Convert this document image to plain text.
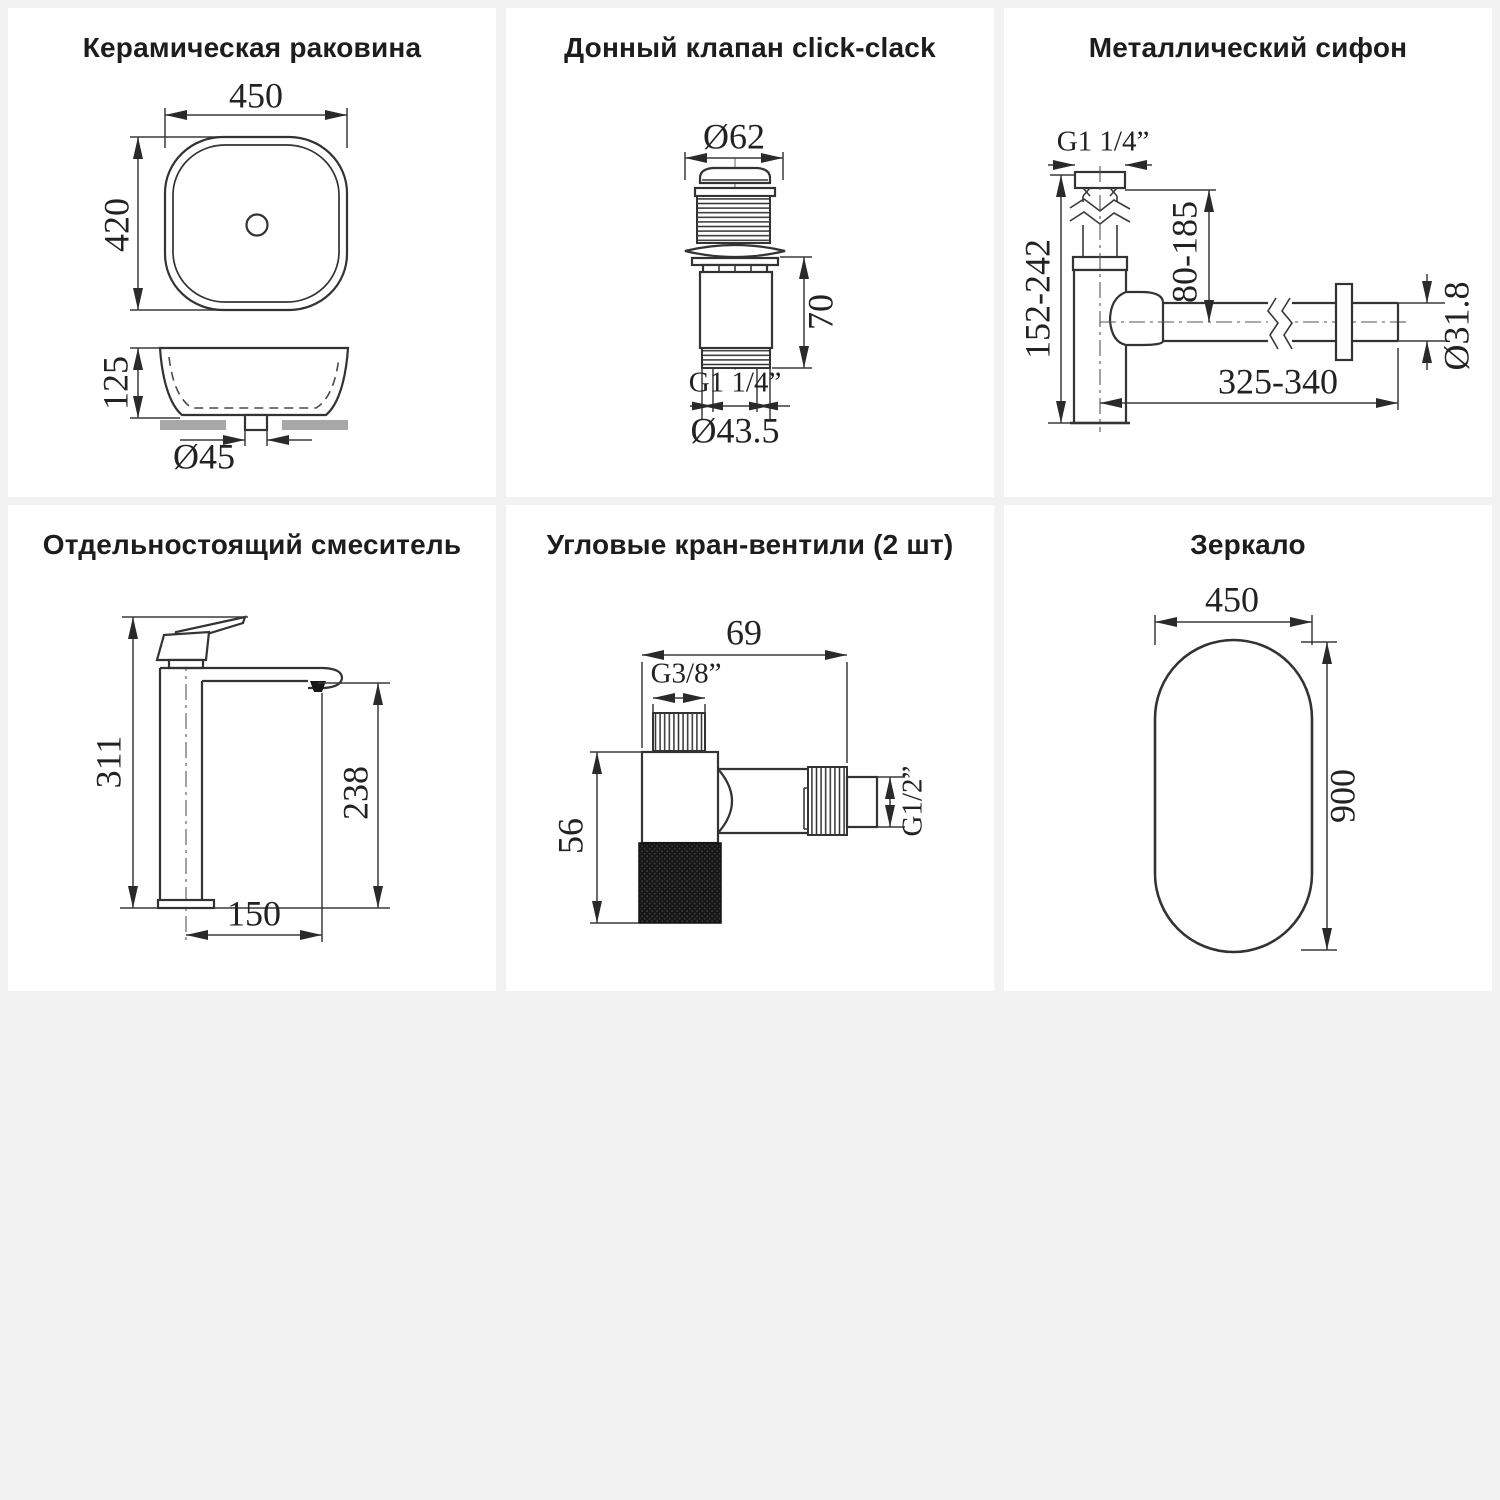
Керамическая раковина
450
420
125
Ø45
Донный клапан click-clack
Ø62
70
G1 1/4”
Ø43.5
Металлический сифон
G1 1/4”
80-185
152-242	Ø31.8
325-340
Отдельностоящий смеситель
311
238
150
Угловые кран-вентили (2 шт)
69
G3/8”
56	G1/2”
Зеркало
450
900
